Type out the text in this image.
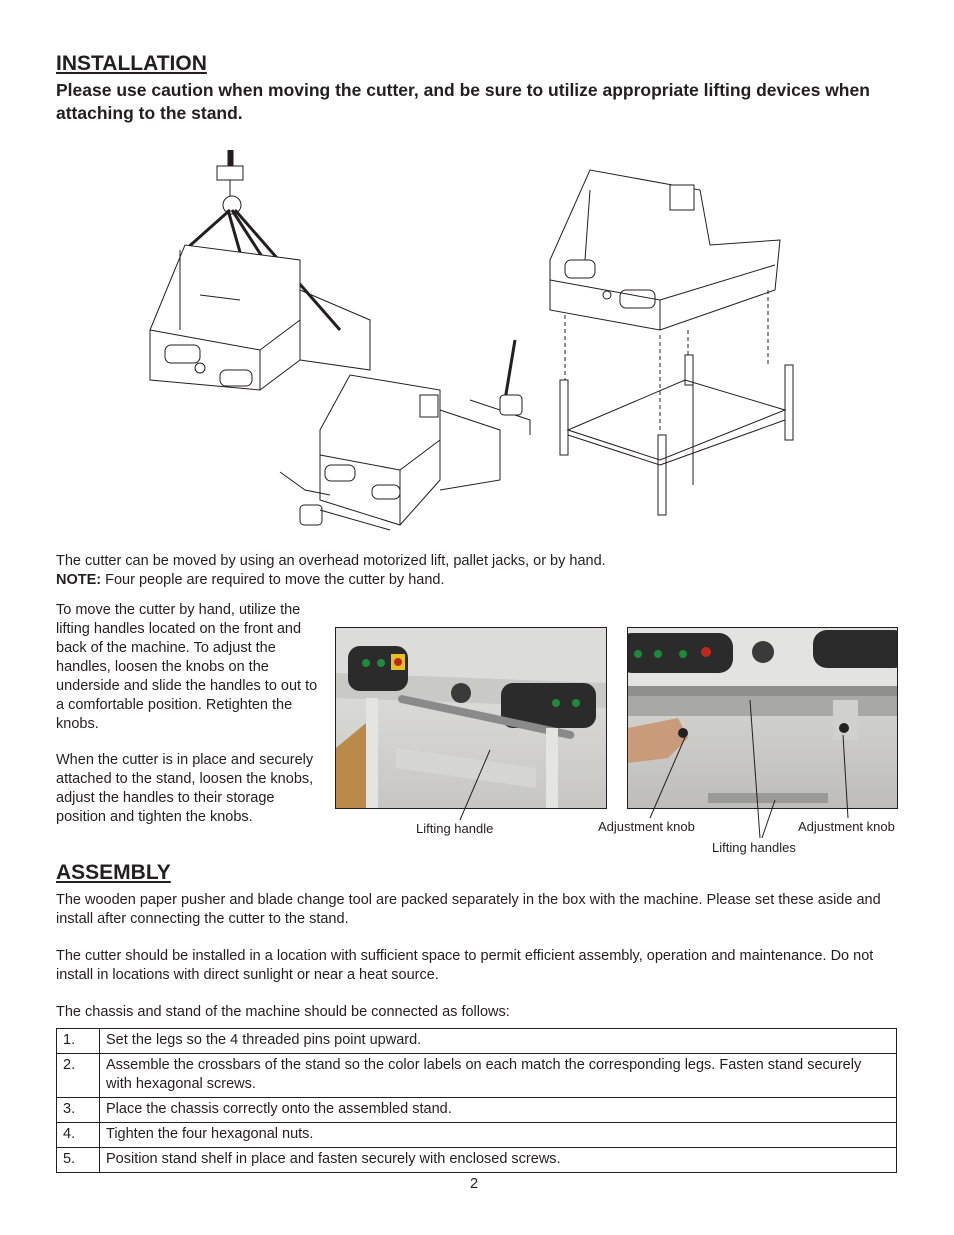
INSTALLATION

Please use caution when moving the cutter, and be sure to utilize appropriate lifting devices when attaching to the stand.

The cutter can be moved by using an overhead motorized lift, pallet jacks, or by hand.

NOTE: Four people are required to move the cutter by hand.

To move the cutter by hand, utilize the lifting handles located on the front and back of the machine. To adjust the handles, loosen the knobs on the underside and slide the handles to out to a comfortable position. Retighten the knobs.

When the cutter is in place and securely attached to the stand, loosen the knobs, adjust the handles to their storage position and tighten the knobs.

Lifting handle	Adjustment knob	Adjustment knob
Lifting handles
ASSEMBLY

The wooden paper pusher and blade change tool are packed separately in the box with the machine. Please set these aside and install after connecting the cutter to the stand.

The cutter should be installed in a location with sufficient space to permit efficient assembly, operation and maintenance. Do not install in locations with direct sunlight or near a heat source.

The chassis and stand of the machine should be connected as follows:

1.	Set the legs so the 4 threaded pins point upward.
2.	Assemble the crossbars of the stand so the color labels on each match the corresponding legs. Fasten stand securely with hexagonal screws.
3.	Place the chassis correctly onto the assembled stand.
4.	Tighten the four hexagonal nuts.
5.	Position stand shelf in place and fasten securely with enclosed screws.
2
